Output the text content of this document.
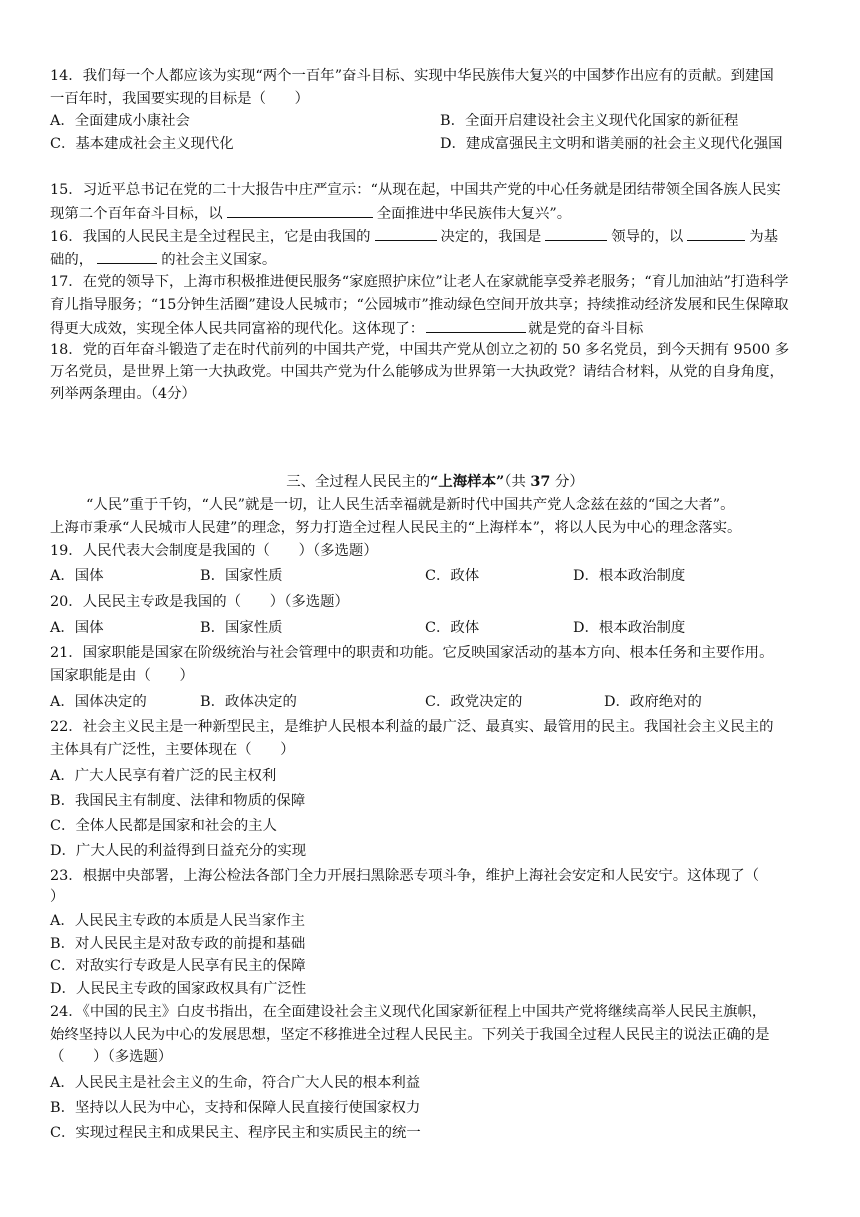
14．我们每一个人都应该为实现“两个一百年”奋斗目标、实现中华民族伟大复兴的中国梦作出应有的贡献。到建国
一百年时，我国要实现的目标是（　　）
A．全面建成小康社会	B．全面开启建设社会主义现代化国家的新征程
C．基本建成社会主义现代化	D．建成富强民主文明和谐美丽的社会主义现代化强国
15．习近平总书记在党的二十大报告中庄严宣示：“从现在起，中国共产党的中心任务就是团结带领全国各族人民实
现第二个百年奋斗目标，以	全面推进中华民族伟大复兴”。
16．我国的人民民主是全过程民主，它是由我国的	决定的，我国是	领导的，以	为基
础的，	的社会主义国家。
17．在党的领导下，上海市积极推进便民服务“家庭照护床位”让老人在家就能享受养老服务；“育儿加油站”打造科学
育儿指导服务；“15分钟生活圈”建设人民城市；“公园城市”推动绿色空间开放共享；持续推动经济发展和民生保障取
得更大成效，实现全体人民共同富裕的现代化。这体现了：	就是党的奋斗目标
18．党的百年奋斗锻造了走在时代前列的中国共产党，中国共产党从创立之初的 50 多名党员，到今天拥有 9500 多
万名党员，是世界上第一大执政党。中国共产党为什么能够成为世界第一大执政党？请结合材料，从党的自身角度，
列举两条理由。（4分）
三、全过程人民民主的“上海样本”（共 37 分）
“人民”重于千钧，“人民”就是一切，让人民生活幸福就是新时代中国共产党人念兹在兹的“国之大者”。
上海市秉承“人民城市人民建”的理念，努力打造全过程人民民主的“上海样本”，将以人民为中心的理念落实。
19．人民代表大会制度是我国的（　　）（多选题）
A．国体	B．国家性质	C．政体	D．根本政治制度
20．人民民主专政是我国的（　　）（多选题）
A．国体	B．国家性质	C．政体	D．根本政治制度
21．国家职能是国家在阶级统治与社会管理中的职责和功能。它反映国家活动的基本方向、根本任务和主要作用。
国家职能是由（　　）
A．国体决定的	B．政体决定的	C．政党决定的	D．政府绝对的
22．社会主义民主是一种新型民主，是维护人民根本利益的最广泛、最真实、最管用的民主。我国社会主义民主的
主体具有广泛性，主要体现在（　　）
A．广大人民享有着广泛的民主权利
B．我国民主有制度、法律和物质的保障
C．全体人民都是国家和社会的主人
D．广大人民的利益得到日益充分的实现
23．根据中央部署，上海公检法各部门全力开展扫黑除恶专项斗争，维护上海社会安定和人民安宁。这体现了（
）
A．人民民主专政的本质是人民当家作主
B．对人民民主是对敌专政的前提和基础
C．对敌实行专政是人民享有民主的保障
D．人民民主专政的国家政权具有广泛性
24．《中国的民主》白皮书指出，在全面建设社会主义现代化国家新征程上中国共产党将继续高举人民民主旗帜，
始终坚持以人民为中心的发展思想，坚定不移推进全过程人民民主。下列关于我国全过程人民民主的说法正确的是
（　　）（多选题）
A．人民民主是社会主义的生命，符合广大人民的根本利益
B．坚持以人民为中心，支持和保障人民直接行使国家权力
C．实现过程民主和成果民主、程序民主和实质民主的统一
